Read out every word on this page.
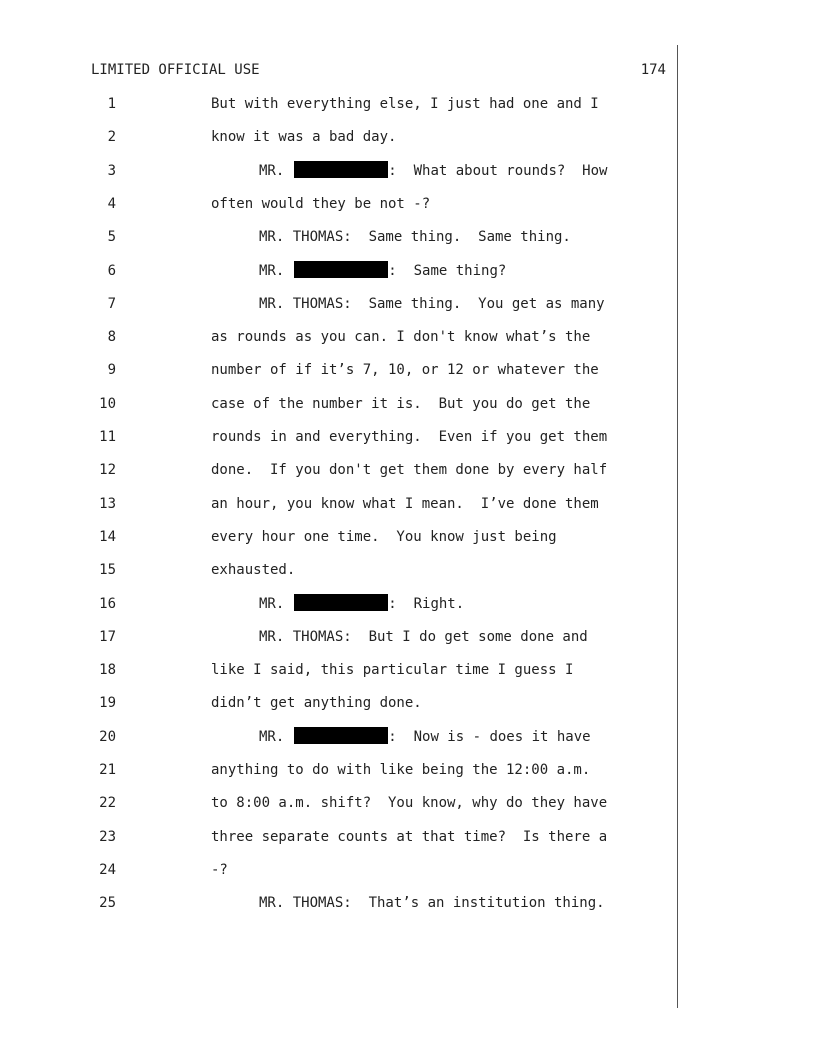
LIMITED OFFICIAL USE	174
1	But with everything else, I just had one and I
2	know it was a bad day.
3	MR.	:  What about rounds?  How
4	often would they be not -?
5	MR. THOMAS:  Same thing.  Same thing.
6	MR.	:  Same thing?
7	MR. THOMAS:  Same thing.  You get as many
8	as rounds as you can. I don't know what’s the
9	number of if it’s 7, 10, or 12 or whatever the
10	case of the number it is.  But you do get the
11	rounds in and everything.  Even if you get them
12	done.  If you don't get them done by every half
13	an hour, you know what I mean.  I’ve done them
14	every hour one time.  You know just being
15	exhausted.
16	MR.	:  Right.
17	MR. THOMAS:  But I do get some done and
18	like I said, this particular time I guess I
19	didn’t get anything done.
20	MR.	:  Now is - does it have
21	anything to do with like being the 12:00 a.m.
22	to 8:00 a.m. shift?  You know, why do they have
23	three separate counts at that time?  Is there a
24	-?
25	MR. THOMAS:  That’s an institution thing.
